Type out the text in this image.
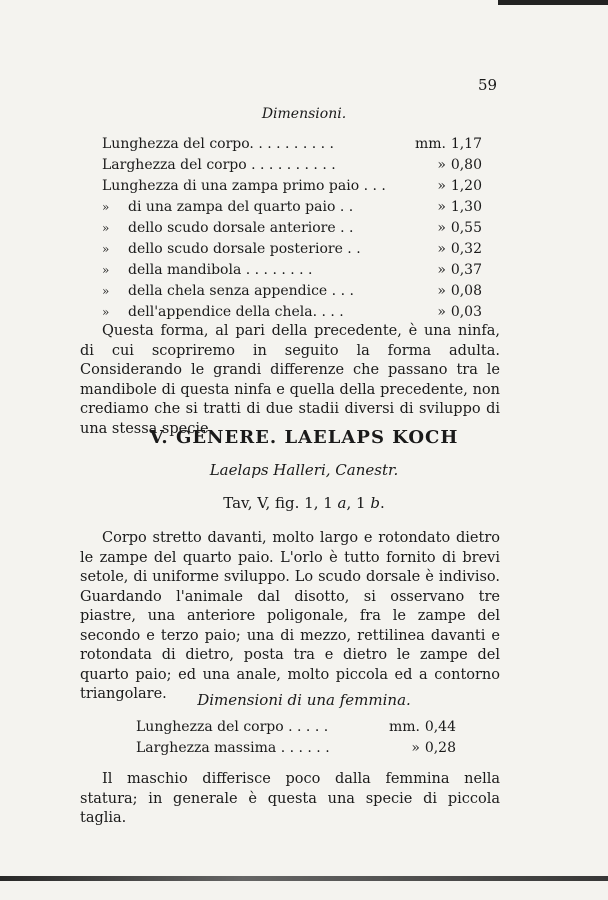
59
Dimensioni.
Lunghezza del corpo. . . . . . . . . .	mm. 1,17
Larghezza del corpo . . . . . . . . . .	» 0,80
Lunghezza di una zampa primo paio . . .	» 1,20
»	di una zampa del quarto paio . .	» 1,30
»	dello scudo dorsale anteriore . .	» 0,55
»	dello scudo dorsale posteriore . .	» 0,32
»	della mandibola . . . . . . . .	» 0,37
»	della chela senza appendice . . .	» 0,08
»	dell'appendice della chela. . . .	» 0,03

Questa forma, al pari della precedente, è una ninfa, di cui scopriremo in seguito la forma adulta. Considerando le grandi differenze che passano tra le mandibole di questa ninfa e quella della precedente, non crediamo che si tratti di due stadii diversi di sviluppo di una stessa specie.

V. GENERE. LAELAPS KOCH
Laelaps Halleri, Canestr.
Tav, V, fig. 1, 1 a, 1 b.

Corpo stretto davanti, molto largo e rotondato dietro le zampe del quarto paio. L'orlo è tutto fornito di brevi setole, di uniforme sviluppo. Lo scudo dorsale è indiviso. Guardando l'animale dal disotto, si osservano tre piastre, una anteriore poligonale, fra le zampe del secondo e terzo paio; una di mezzo, rettilinea davanti e rotondata di dietro, posta tra e dietro le zampe del quarto paio; ed una anale, molto piccola ed a contorno triangolare.	Dimensioni di una femmina.
Lunghezza del corpo . . . . .	mm. 0,44
Larghezza massima . . . . . .	» 0,28

Il maschio differisce poco dalla femmina nella statura; in generale è questa una specie di piccola taglia.
